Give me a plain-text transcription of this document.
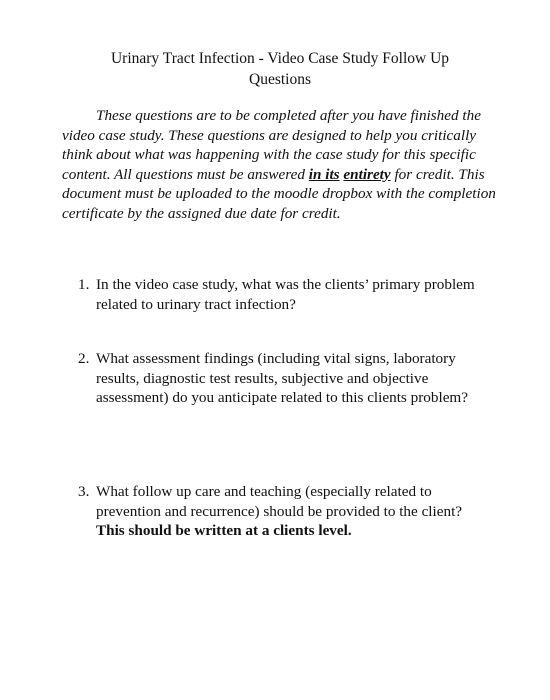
Urinary Tract Infection - Video Case Study Follow Up
Questions
These questions are to be completed after you have finished the video case study. These questions are designed to help you critically think about what was happening with the case study for this specific content. All questions must be answered in its entirety for credit. This document must be uploaded to the moodle dropbox with the completion certificate by the assigned due date for credit.
1. In the video case study, what was the clients’ primary problem related to urinary tract infection?
2. What assessment findings (including vital signs, laboratory results, diagnostic test results, subjective and objective assessment) do you anticipate related to this clients problem?
3. What follow up care and teaching (especially related to prevention and recurrence) should be provided to the client? This should be written at a clients level.
